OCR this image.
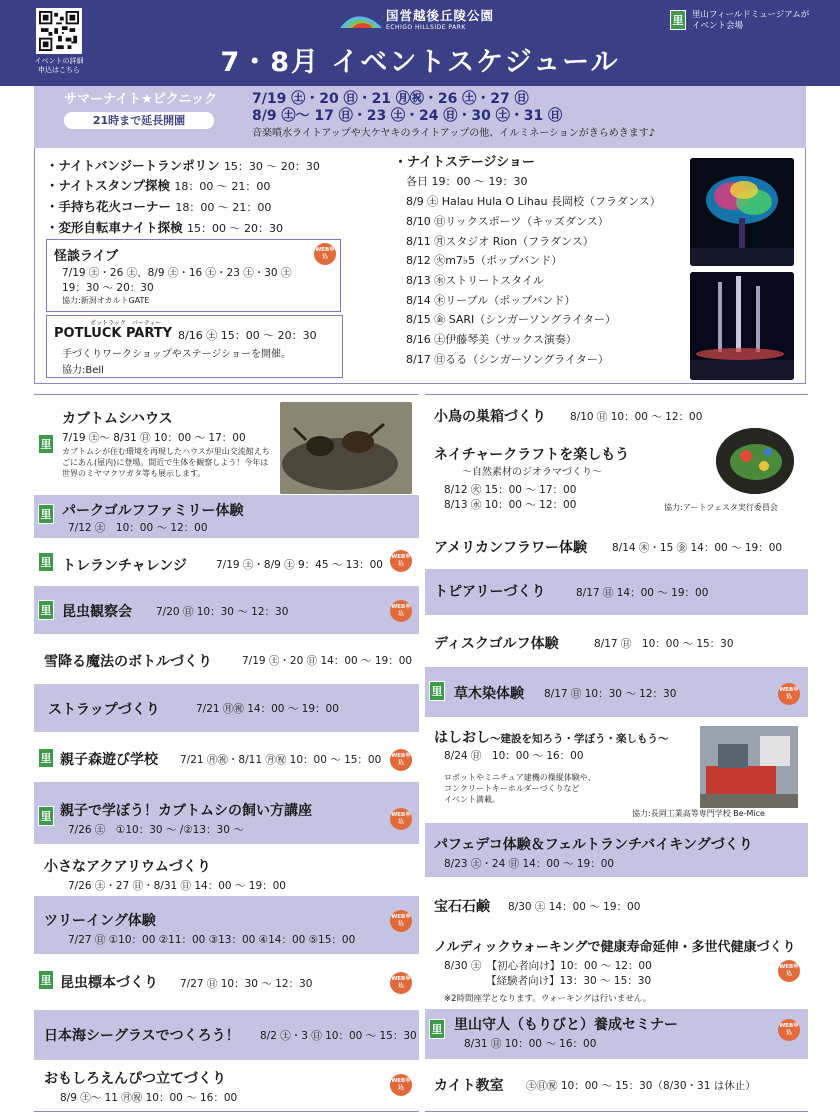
イベントの詳細
申込はこちら
国営越後丘陵公園
ECHIGO HILLSIDE PARK
7・8月 イベントスケジュール
里 里山フィールドミュージアムが
イベント会場
サマーナイト★ピクニック
21時まで延長開園
7/19 ㊏・20 ㊐・21 ㊊㊗・26 ㊏・27 ㊐
8/9 ㊏〜 17 ㊐・23 ㊏・24 ㊐・30 ㊏・31 ㊐
音楽噴水ライトアップや大ケヤキのライトアップの他、イルミネーションがきらめきます♪
・ナイトバンジートランポリン 15：30 〜 20：30
・ナイトスタンプ探検 18：00 〜 21：00
・手持ち花火コーナー 18：00 〜 21：00
・変形自転車ナイト探検 15：00 〜 20：30
怪談ライブ
7/19 ㊏・26 ㊏、8/9 ㊏・16 ㊏・23 ㊏・30 ㊏
19：30 〜 20：30
協力:新潟オカルトGATE
WEB申込
ポットラック　パーティー
POTLUCK PARTY 8/16 ㊏ 15：00 〜 20：30
手づくりワークショップやステージショーを開催。
協力:Bell
・ナイトステージショー
各日 19：00 〜 19：30
8/9 ㊏ Halau Hula O Lihau 長岡校（フラダンス）
8/10 ㊐リックスポーツ（キッズダンス）
8/11 ㊊スタジオ Rion（フラダンス）
8/12 ㊋m7♭5（ポップバンド）
8/13 ㊌ストリートスタイル
8/14 ㊍リーブル（ポップバンド）
8/15 ㊎ SARI（シンガーソングライター）
8/16 ㊏伊藤琴美（サックス演奏）
8/17 ㊐るる（シンガーソングライター）
カブトムシハウス
里 7/19 ㊏〜 8/31 ㊐ 10：00 〜 17：00
カブトムシが住む環境を再現したハウスが里山交流館えちごにあん(屋内)に登場。間近で生体を観察しよう！今年は世界のミヤマクワガタ等も展示します。
里 パークゴルフファミリー体験
7/12 ㊏　10：00 〜 12：00
里 トレランチャレンジ	7/19 ㊏・8/9 ㊏ 9：45 〜 13：00
WEB申込
里 昆虫観察会 7/20 ㊐ 10：30 〜 12：30	WEB申込
雪降る魔法のボトルづくり	7/19 ㊏・20 ㊐ 14：00 〜 19：00
ストラップづくり	7/21 ㊊㊗ 14：00 〜 19：00
里 親子森遊び学校 7/21 ㊊㊗・8/11 ㊊㊗ 10：00 〜 15：00 WEB申込
里 親子で学ぼう！カブトムシの飼い方講座
7/26 ㊏　①10：30 〜 /②13：30 〜
WEB申込
小さなアクアリウムづくり
7/26 ㊏・27 ㊐・8/31 ㊐ 14：00 〜 19：00
ツリーイング体験
7/27 ㊐ ①10：00 ②11：00 ③13：00 ④14：00 ⑤15：00
WEB申込
里 昆虫標本づくり 7/27 ㊐ 10：30 〜 12：30	WEB申込
日本海シーグラスでつくろう！ 8/2 ㊏・3 ㊐ 10：00 〜 15：30
おもしろえんぴつ立てづくり
8/9 ㊏〜 11 ㊊㊗ 10：00 〜 16：00
WEB申込
小鳥の巣箱づくり 8/10 ㊐ 10：00 〜 12：00
ネイチャークラフトを楽しもう
〜自然素材のジオラマづくり〜
8/12 ㊋ 15：00 〜 17：00
8/13 ㊌ 10：00 〜 12：00	協力:アートフェスタ実行委員会
アメリカンフラワー体験 8/14 ㊍・15 ㊎ 14：00 〜 19：00
トピアリーづくり	8/17 ㊐ 14：00 〜 19：00
ディスクゴルフ体験	8/17 ㊐　10：00 〜 15：30
里 草木染体験 8/17 ㊐ 10：30 〜 12：30	WEB申込
はしおし〜建設を知ろう・学ぼう・楽しもう〜
8/24 ㊐　10：00 〜 16：00
ロボットやミニチュア建機の操縦体験や、
コンクリートキーホルダーづくりなど
イベント満載。
協力:長岡工業高等専門学校 Be-Mice
パフェデコ体験＆フェルトランチバイキングづくり
8/23 ㊏・24 ㊐ 14：00 〜 19：00
宝石石鹸 8/30 ㊏ 14：00 〜 19：00
ノルディックウォーキングで健康寿命延伸・多世代健康づくり
8/30 ㊏　【初心者向け】10：00 〜 12：00
【経験者向け】13：30 〜 15：30
※2時間座学となります。ウォーキングは行いません。
WEB申込
里 里山守人（もりびと）養成セミナー
8/31 ㊐ 10：00 〜 16：00
WEB申込
カイト教室 ㊏㊐㊗ 10：00 〜 15：30（8/30・31 は休止）
